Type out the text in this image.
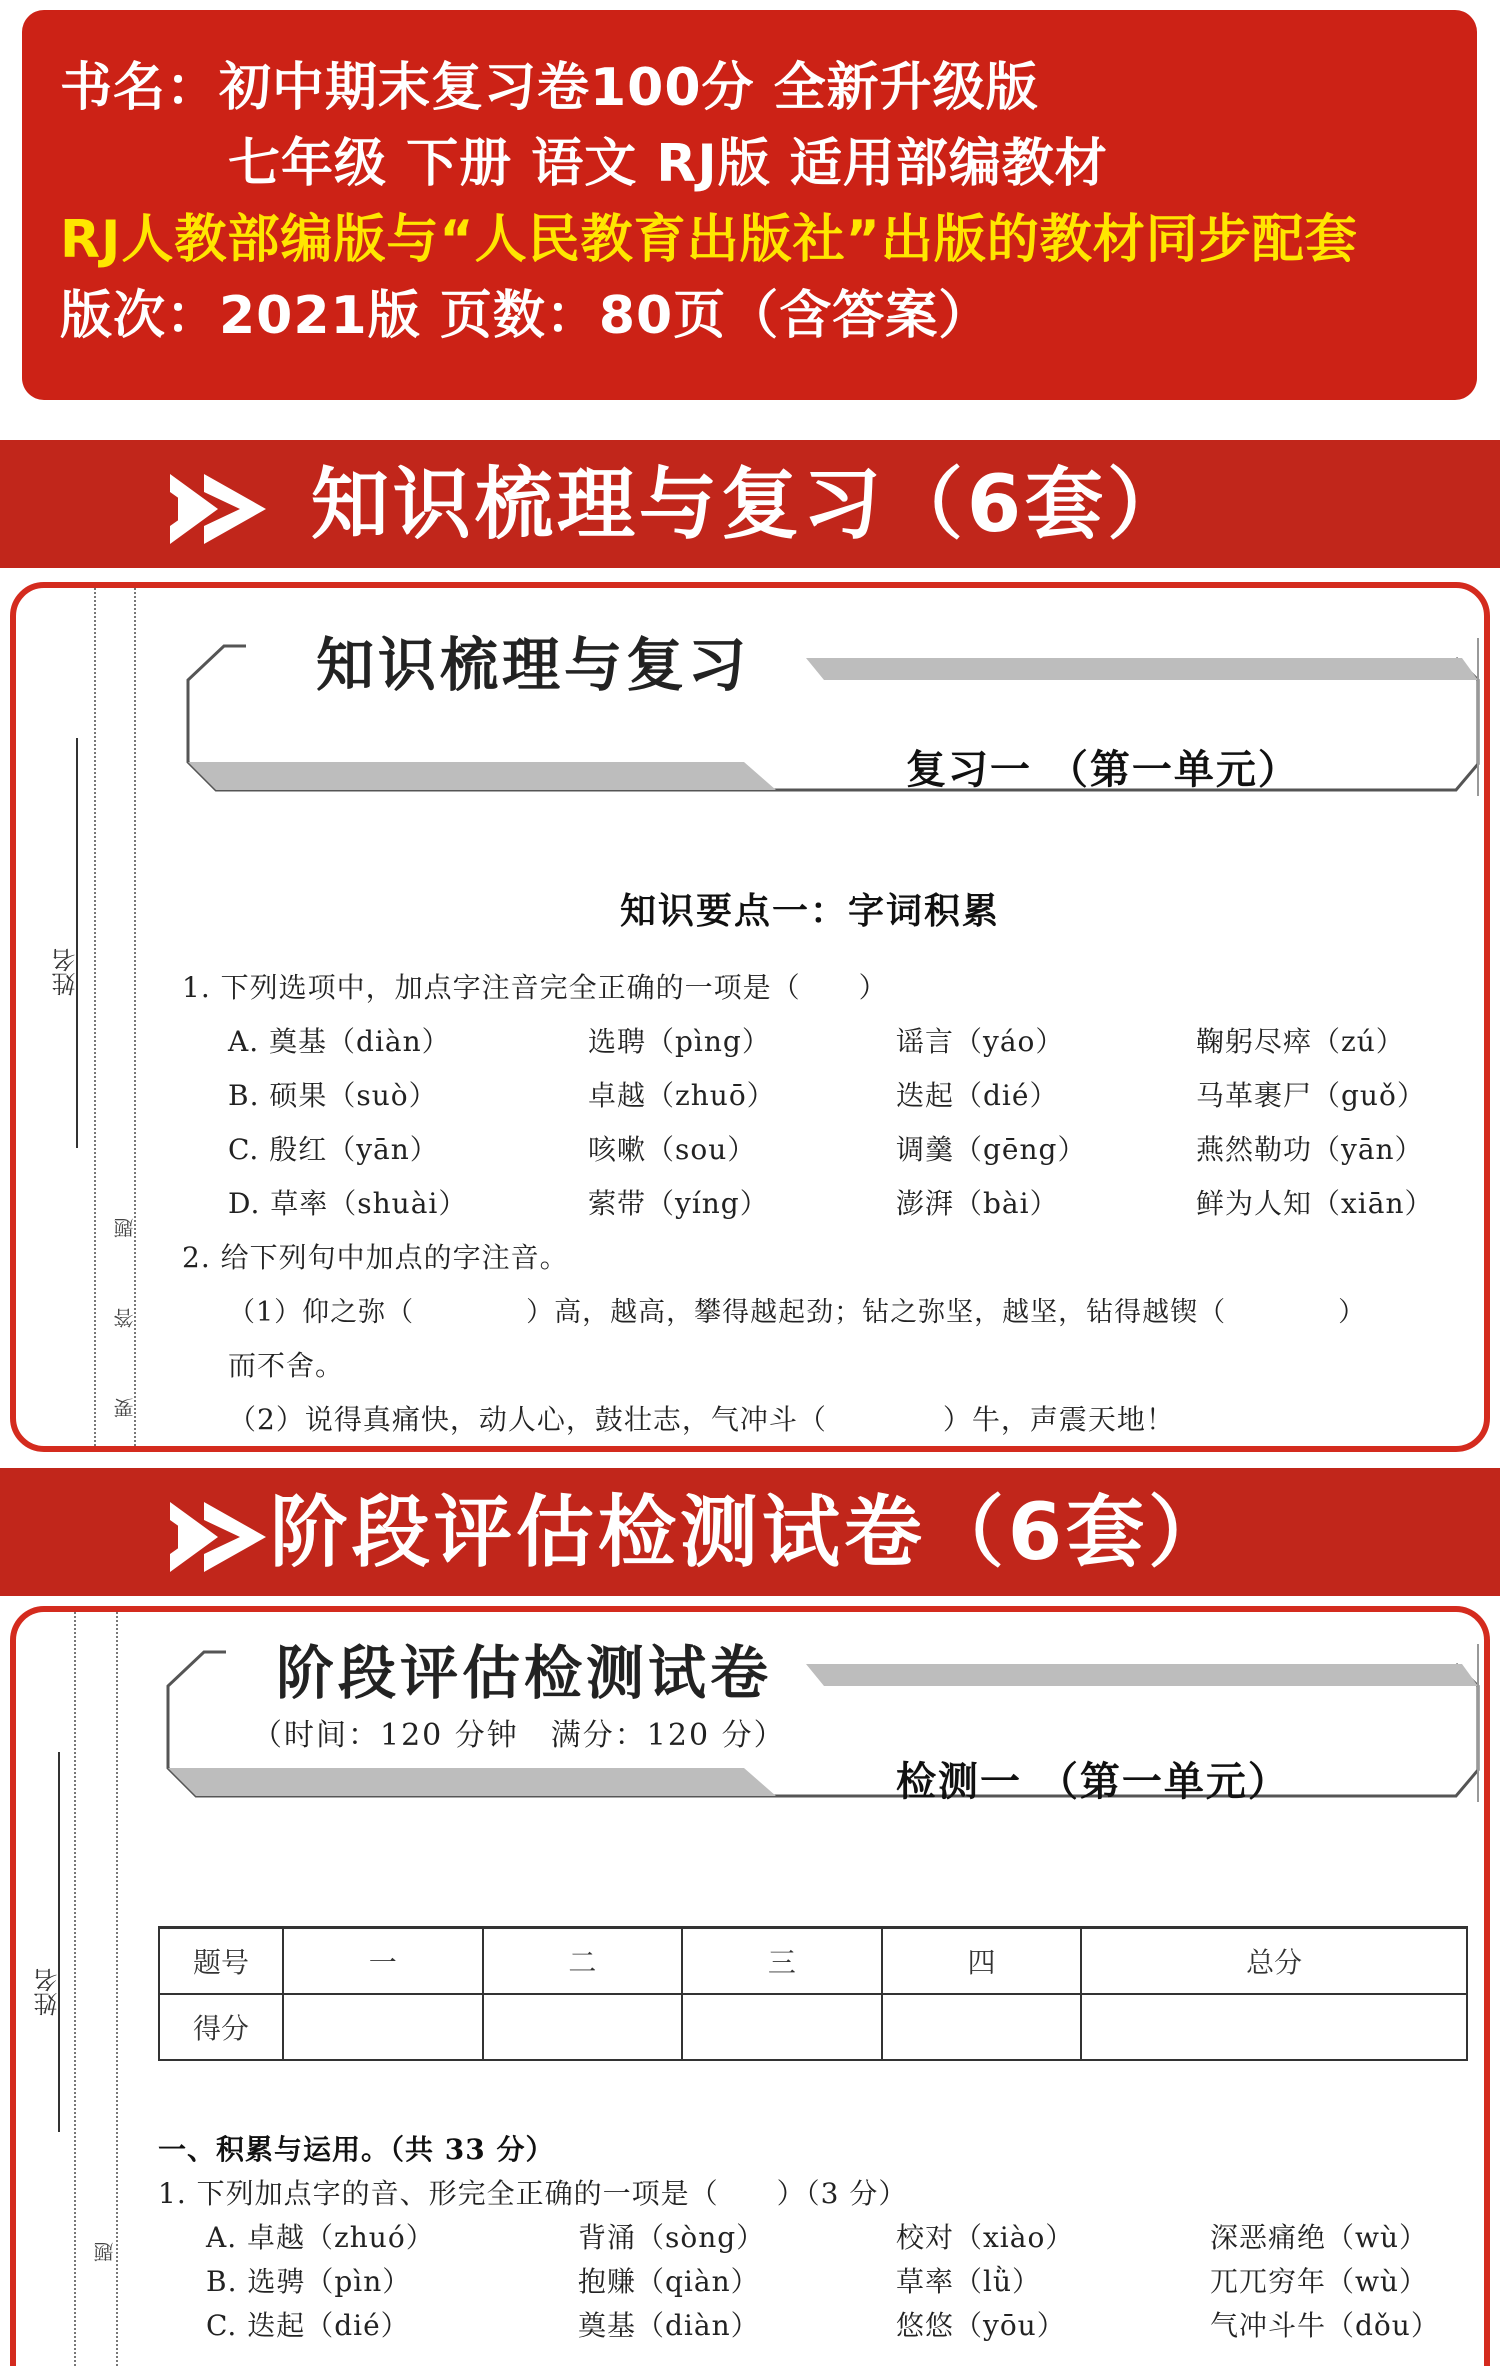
书名：初中期末复习卷100分 全新升级版
七年级 下册 语文 RJ版 适用部编教材
RJ人教部编版与“人民教育出版社”出版的教材同步配套
版次：2021版 页数：80页（含答案）
知识梳理与复习（6套）
姓名
题
答
要
知识梳理与复习
复习一 （第一单元）
知识要点一：字词积累
1. 下列选项中，加点字注音完全正确的一项是（　　）
A. 奠基（diàn）	选聘（pìng）	谣言（yáo）	鞠躬尽瘁（zú）
B. 硕果（suò）	卓越（zhuō）	迭起（dié）	马革裹尸（guǒ）
C. 殷红（yān）	咳嗽（sou）	调羹（gēng）	燕然勒功（yān）
D. 草率（shuài）	萦带（yíng）	澎湃（bài）	鲜为人知（xiān）
2. 给下列句中加点的字注音。
（1）仰之弥（　　　　）高，越高，攀得越起劲；钻之弥坚，越坚，钻得越锲（　　　　）
而不舍。
（2）说得真痛快，动人心，鼓壮志，气冲斗（　　　　）牛，声震天地！
阶段评估检测试卷（6套）
姓名
题
阶段评估检测试卷
（时间：120 分钟　满分：120 分）
检测一 （第一单元）
题号	一	二	三	四	总分
得分					
一、积累与运用。（共 33 分）
1. 下列加点字的音、形完全正确的一项是（　　）（3 分）
A. 卓越（zhuó）	背涌（sòng）	校对（xiào）	深恶痛绝（wù）
B. 选骋（pìn）	抱赚（qiàn）	草率（lǜ）	兀兀穷年（wù）
C. 迭起（dié）	奠基（diàn）	悠悠（yōu）	气冲斗牛（dǒu）
